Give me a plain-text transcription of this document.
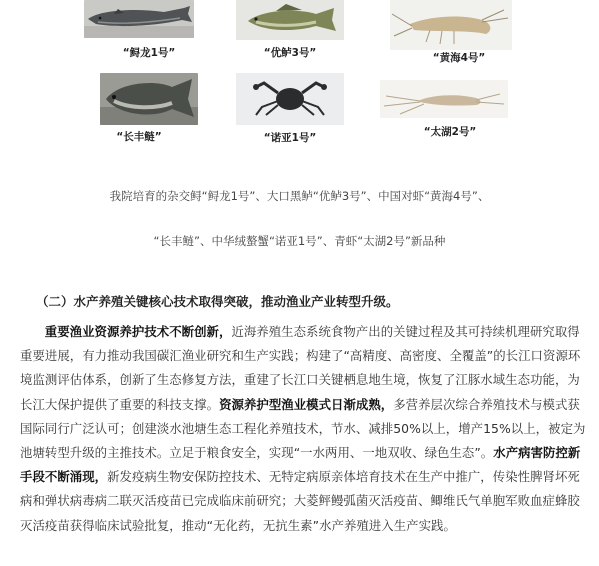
“鲟龙1号”	“优鲈3号”	“黄海4号”
“长丰鲢”	“诺亚1号”	“太湖2号”
我院培育的杂交鲟“鲟龙1号”、大口黑鲈“优鲈3号”、中国对虾“黄海4号”、
“长丰鲢”、中华绒螯蟹“诺亚1号”、青虾“太湖2号”新品种
（二）水产养殖关键核心技术取得突破，推动渔业产业转型升级。

重要渔业资源养护技术不断创新，近海养殖生态系统食物产出的关键过程及其可持续机理研究取得重要进展，有力推动我国碳汇渔业研究和生产实践；构建了“高精度、高密度、全覆盖”的长江口资源环境监测评估体系，创新了生态修复方法，重建了长江口关键栖息地生境，恢复了江豚水域生态功能，为长江大保护提供了重要的科技支撑。资源养护型渔业模式日渐成熟，多营养层次综合养殖技术与模式获国际同行广泛认可；创建淡水池塘生态工程化养殖技术，节水、减排50%以上，增产15%以上，被定为池塘转型升级的主推技术。立足于粮食安全，实现“一水两用、一地双收、绿色生态”。水产病害防控新手段不断涌现，新发疫病生物安保防控技术、无特定病原亲体培育技术在生产中推广，传染性脾肾坏死病和弹状病毒病二联灭活疫苗已完成临床前研究；大菱鲆鳗弧菌灭活疫苗、鲫维氏气单胞军败血症蜂胶灭活疫苗获得临床试验批复，推动“无化药，无抗生素”水产养殖进入生产实践。
